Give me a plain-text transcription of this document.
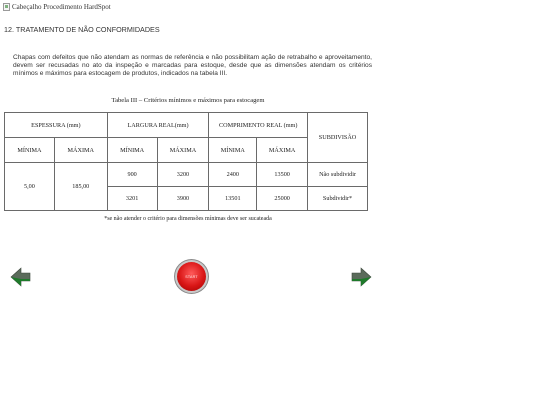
Cabeçalho Procedimento HardSpot
12. TRATAMENTO DE NÃO CONFORMIDADES
Chapas com defeitos que não atendam as normas de referência e não possibilitam ação de retrabalho e aproveitamento, devem ser recusadas no ato da inspeção e marcadas para estoque, desde que as dimensões atendam os critérios mínimos e máximos para estocagem de produtos, indicados na tabela III.
Tabela III – Critérios mínimos e máximos para estocagem
ESPESSURA (mm)		LARGURA REAL(mm)		COMPRIMENTO REAL (mm)		SUBDIVISÃO
MÍNIMA	MÁXIMA	MÍNIMA	MÁXIMA	MÍNIMA	MÁXIMA	
5,00	185,00	900	3200	2400	13500	Não subdividir
		3201	3900	13501	25000	Subdividir*
*se não atender o critério para dimensões mínimas deve ser sucateada
START
